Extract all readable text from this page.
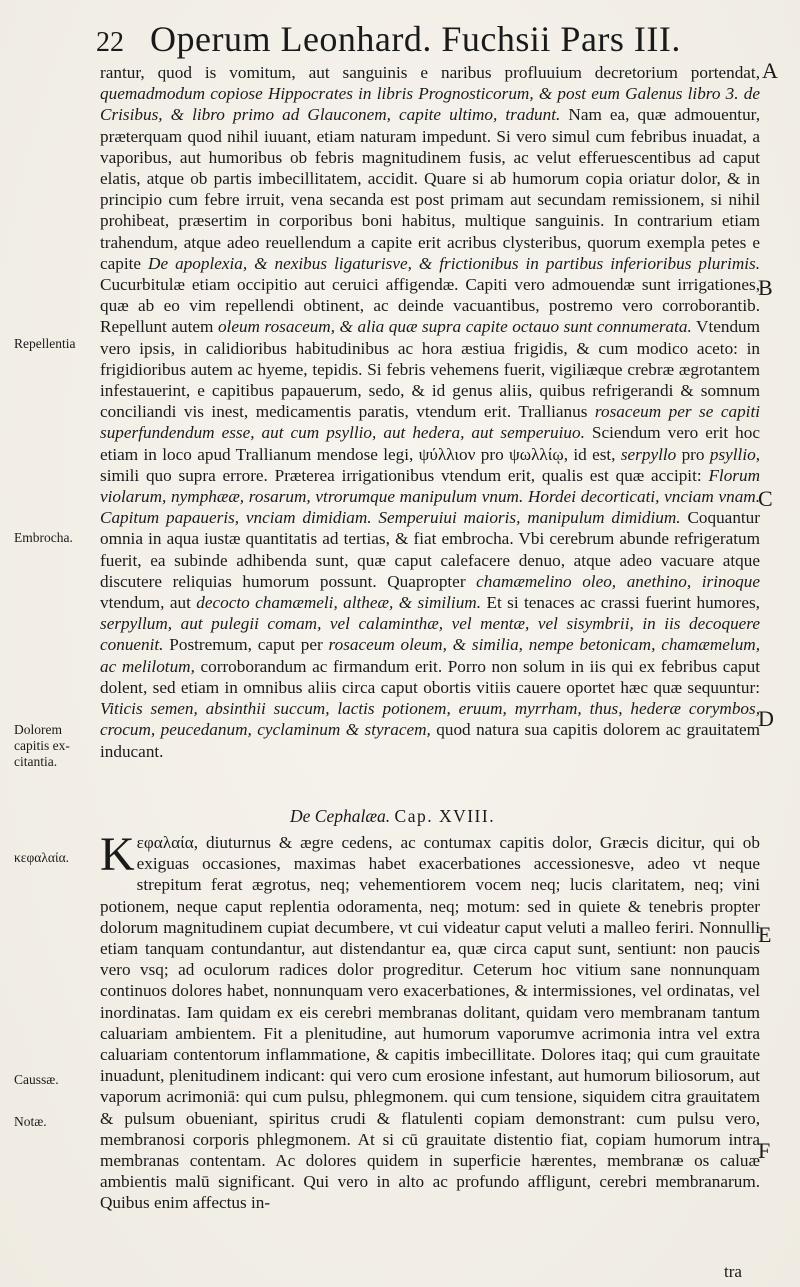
22 Operum Leonhard. Fuchsii Pars III.
A
B
C
D
E
F
Repellentia
Embrocha.
Dolorem
capitis ex-
citantia.
κεφαλαία.
Caussæ.
Notæ.
rantur, quod is vomitum, aut sanguinis e naribus profluuium decretorium portendat, quemadmodum copiose Hippocrates in libris Prognosticorum, & post eum Galenus libro 3. de Crisibus, & libro primo ad Glauconem, capite ultimo, tradunt. Nam ea, quæ admouentur, præterquam quod nihil iuuant, etiam naturam impedunt. Si vero simul cum febribus inuadat, a vaporibus, aut humoribus ob febris magnitudinem fusis, ac velut efferuescentibus ad caput elatis, atque ob partis imbecillitatem, accidit. Quare si ab humorum copia oriatur dolor, & in principio cum febre irruit, vena secanda est post primam aut secundam remissionem, si nihil prohibeat, præsertim in corporibus boni habitus, multique sanguinis. In contrarium etiam trahendum, atque adeo reuellendum a capite erit acribus clysteribus, quorum exempla petes e capite De apoplexia, & nexibus ligaturisve, & frictionibus in partibus inferioribus plurimis. Cucurbitulæ etiam occipitio aut ceruici affigendæ. Capiti vero admouendæ sunt irrigationes, quæ ab eo vim repellendi obtinent, ac deinde vacuantibus, postremo vero corroborantib. Repellunt autem oleum rosaceum, & alia quæ supra capite octauo sunt connumerata. Vtendum vero ipsis, in calidioribus habitudinibus ac hora æstiua frigidis, & cum modico aceto: in frigidioribus autem ac hyeme, tepidis. Si febris vehemens fuerit, vigiliæque crebræ ægrotantem infestauerint, e capitibus papauerum, sedo, & id genus aliis, quibus refrigerandi & somnum conciliandi vis inest, medicamentis paratis, vtendum erit. Trallianus rosaceum per se capiti superfundendum esse, aut cum psyllio, aut hedera, aut semperuiuo. Sciendum vero erit hoc etiam in loco apud Trallianum mendose legi, ψύλλιον pro ψωλλίῳ, id est, serpyllo pro psyllio, simili quo supra errore. Præterea irrigationibus vtendum erit, qualis est quæ accipit: Florum violarum, nymphææ, rosarum, vtrorumque manipulum vnum. Hordei decorticati, vnciam vnam. Capitum papaueris, vnciam dimidiam. Semperuiui maioris, manipulum dimidium. Coquantur omnia in aqua iustæ quantitatis ad tertias, & fiat embrocha. Vbi cerebrum abunde refrigeratum fuerit, ea subinde adhibenda sunt, quæ caput calefacere denuo, atque adeo vacuare atque discutere reliquias humorum possunt. Quapropter chamæmelino oleo, anethino, irinoque vtendum, aut decocto chamæmeli, altheæ, & similium. Et si tenaces ac crassi fuerint humores, serpyllum, aut pulegii comam, vel calaminthæ, vel mentæ, vel sisymbrii, in iis decoquere conuenit. Postremum, caput per rosaceum oleum, & similia, nempe betonicam, chamæmelum, ac melilotum, corroborandum ac firmandum erit. Porro non solum in iis qui ex febribus caput dolent, sed etiam in omnibus aliis circa caput obortis vitiis cauere oportet hæc quæ sequuntur: Viticis semen, absinthii succum, lactis potionem, eruum, myrrham, thus, hederæ corymbos, crocum, peucedanum, cyclaminum & styracem, quod natura sua capitis dolorem ac grauitatem inducant.
De Cephalæa. Cap. XVIII.
Kεφαλαία, diuturnus & ægre cedens, ac contumax capitis dolor, Græcis dicitur, qui ob exiguas occasiones, maximas habet exacerbationes accessionesve, adeo vt neque strepitum ferat ægrotus, neq; vehementiorem vocem neq; lucis claritatem, neq; vini potionem, neque caput replentia odoramenta, neq; motum: sed in quiete & tenebris propter dolorum magnitudinem cupiat decumbere, vt cui videatur caput veluti a malleo feriri. Nonnulli etiam tanquam contundantur, aut distendantur ea, quæ circa caput sunt, sentiunt: non paucis vero vsq; ad oculorum radices dolor progreditur. Ceterum hoc vitium sane nonnunquam continuos dolores habet, nonnunquam vero exacerbationes, & intermissiones, vel ordinatas, vel inordinatas. Iam quidam ex eis cerebri membranas dolitant, quidam vero membranam tantum caluariam ambientem. Fit a plenitudine, aut humorum vaporumve acrimonia intra vel extra caluariam contentorum inflammatione, & capitis imbecillitate. Dolores itaq; qui cum grauitate inuadunt, plenitudinem indicant: qui vero cum erosione infestant, aut humorum biliosorum, aut vaporum acrimoniā: qui cum pulsu, phlegmonem. qui cum tensione, siquidem citra grauitatem & pulsum obueniant, spiritus crudi & flatulenti copiam demonstrant: cum pulsu vero, membranosi corporis phlegmonem. At si cū grauitate distentio fiat, copiam humorum intra membranas contentam. Ac dolores quidem in superficie hærentes, membranæ os caluæ ambientis malū significant. Qui vero in alto ac profundo affligunt, cerebri membranarum. Quibus enim affectus in-
tra
